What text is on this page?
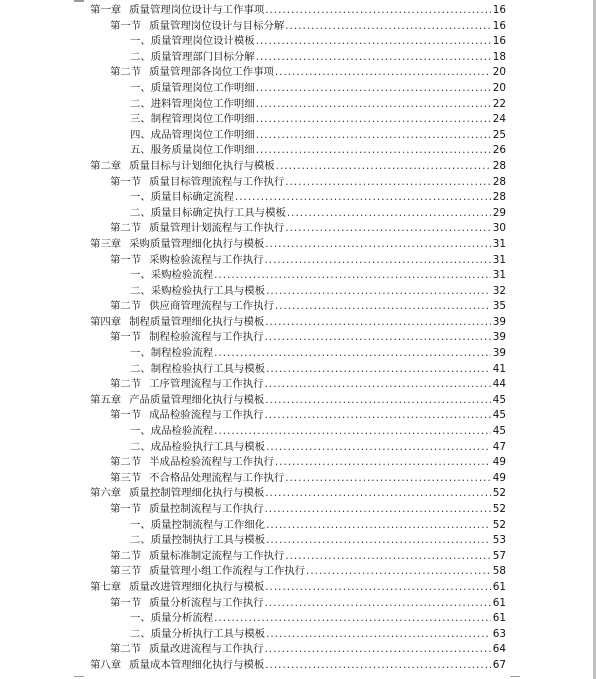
第一章 质量管理岗位设计与工作事项 .....	16
第一节 质量管理岗位设计与目标分解 .....	16
一、 质量管理岗位设计模板 .....	16
二、 质量管理部门目标分解 .....	18
第二节 质量管理部各岗位工作事项 .....	20
一、 质量管理岗位工作明细 .....	20
二、 进料管理岗位工作明细 .....	22
三、 制程管理岗位工作明细 .....	24
四、 成品管理岗位工作明细 .....	25
五、 服务质量岗位工作明细 .....	26
第二章 质量目标与计划细化执行与模板 .....	28
第一节 质量目标管理流程与工作执行 .....	28
一、 质量目标确定流程 .....	28
二、 质量目标确定执行工具与模板 .....	29
第二节 质量管理计划流程与工作执行 .....	30
第三章 采购质量管理细化执行与模板 .....	31
第一节 采购检验流程与工作执行 .....	31
一、 采购检验流程 .....	31
二、 采购检验执行工具与模板 .....	32
第二节 供应商管理流程与工作执行 .....	35
第四章 制程质量管理细化执行与模板 .....	39
第一节 制程检验流程与工作执行 .....	39
一、 制程检验流程 .....	39
二、 制程检验执行工具与模板 .....	41
第二节 工序管理流程与工作执行 .....	44
第五章 产品质量管理细化执行与模板 .....	45
第一节 成品检验流程与工作执行 .....	45
一、 成品检验流程 .....	45
二、 成品检验执行工具与模板 .....	47
第二节 半成品检验流程与工作执行 .....	49
第三节 不合格品处理流程与工作执行 .....	49
第六章 质量控制管理细化执行与模板 .....	52
第一节 质量控制流程与工作执行 .....	52
一、 质量控制流程与工作细化 .....	52
二、 质量控制执行工具与模板 .....	53
第二节 质量标准制定流程与工作执行 .....	57
第三节 质量管理小组工作流程与工作执行 .....	58
第七章 质量改进管理细化执行与模板 .....	61
第一节 质量分析流程与工作执行 .....	61
一、 质量分析流程 .....	61
二、 质量分析执行工具与模板 .....	63
第二节 质量改进流程与工作执行 .....	64
第八章 质量成本管理细化执行与模板 .....	67
